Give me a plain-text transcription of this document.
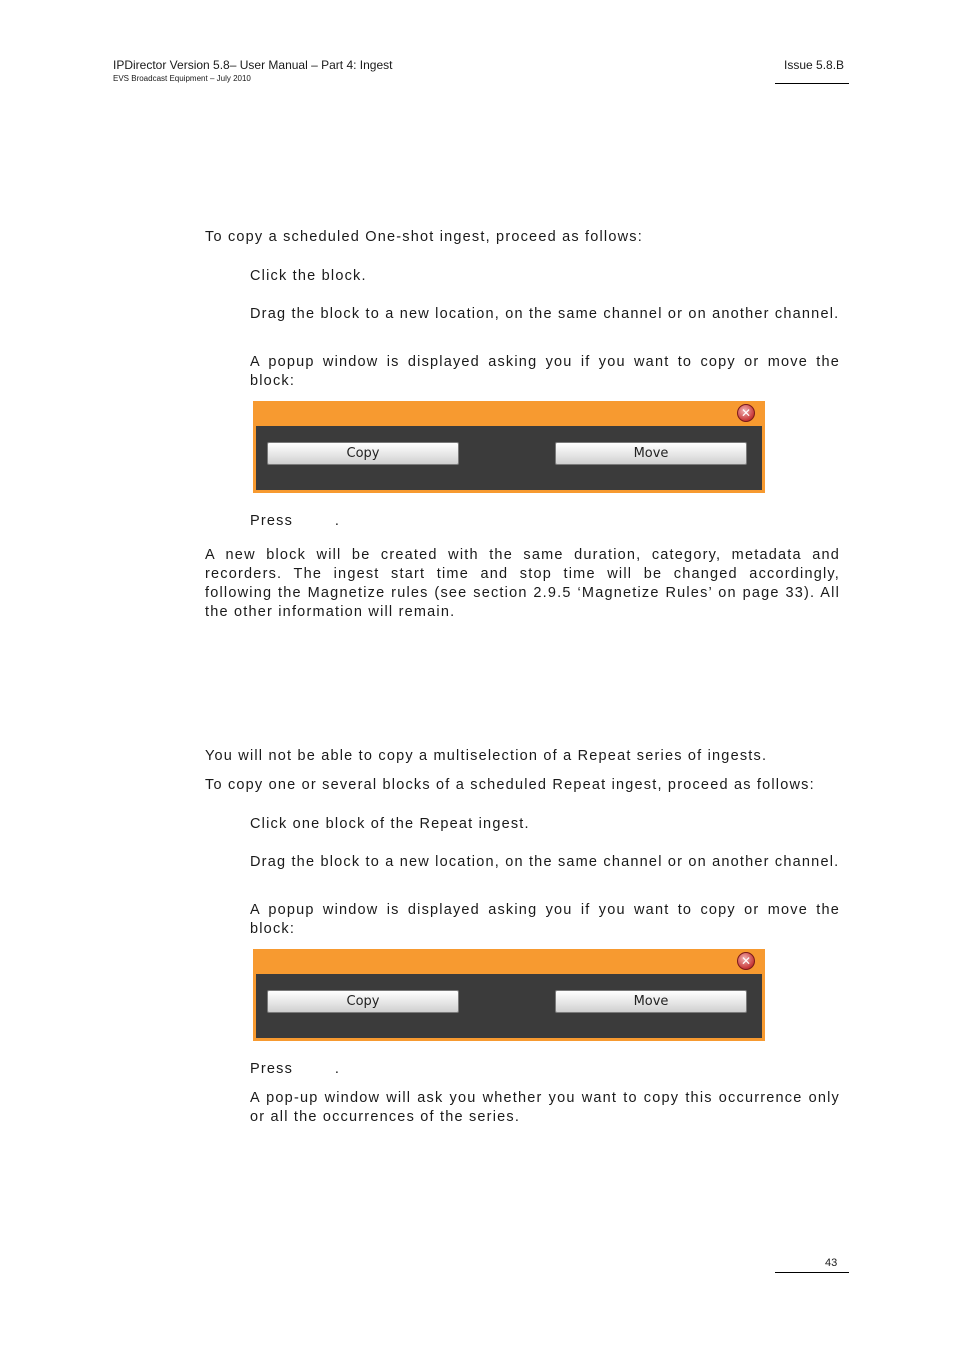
IPDirector Version 5.8– User Manual – Part 4: Ingest
EVS Broadcast Equipment – July 2010
Issue 5.8.B

To copy a scheduled One-shot ingest, proceed as follows:

Click the block.

Drag the block to a new location, on the same channel or on another channel.

A popup window is displayed asking you if you want to copy or move the block:

✕
Copy	Move

Press        .

A new block will be created with the same duration, category, metadata and recorders. The ingest start time and stop time will be changed accordingly, following the Magnetize rules (see section 2.9.5 ‘Magnetize Rules’ on page 33). All the other information will remain.

You will not be able to copy a multiselection of a Repeat series of ingests.

To copy one or several blocks of a scheduled Repeat ingest, proceed as follows:

Click one block of the Repeat ingest.

Drag the block to a new location, on the same channel or on another channel.

A popup window is displayed asking you if you want to copy or move the block:

✕
Copy	Move

Press        .

A pop-up window will ask you whether you want to copy this occurrence only or all the occurrences of the series.

43
